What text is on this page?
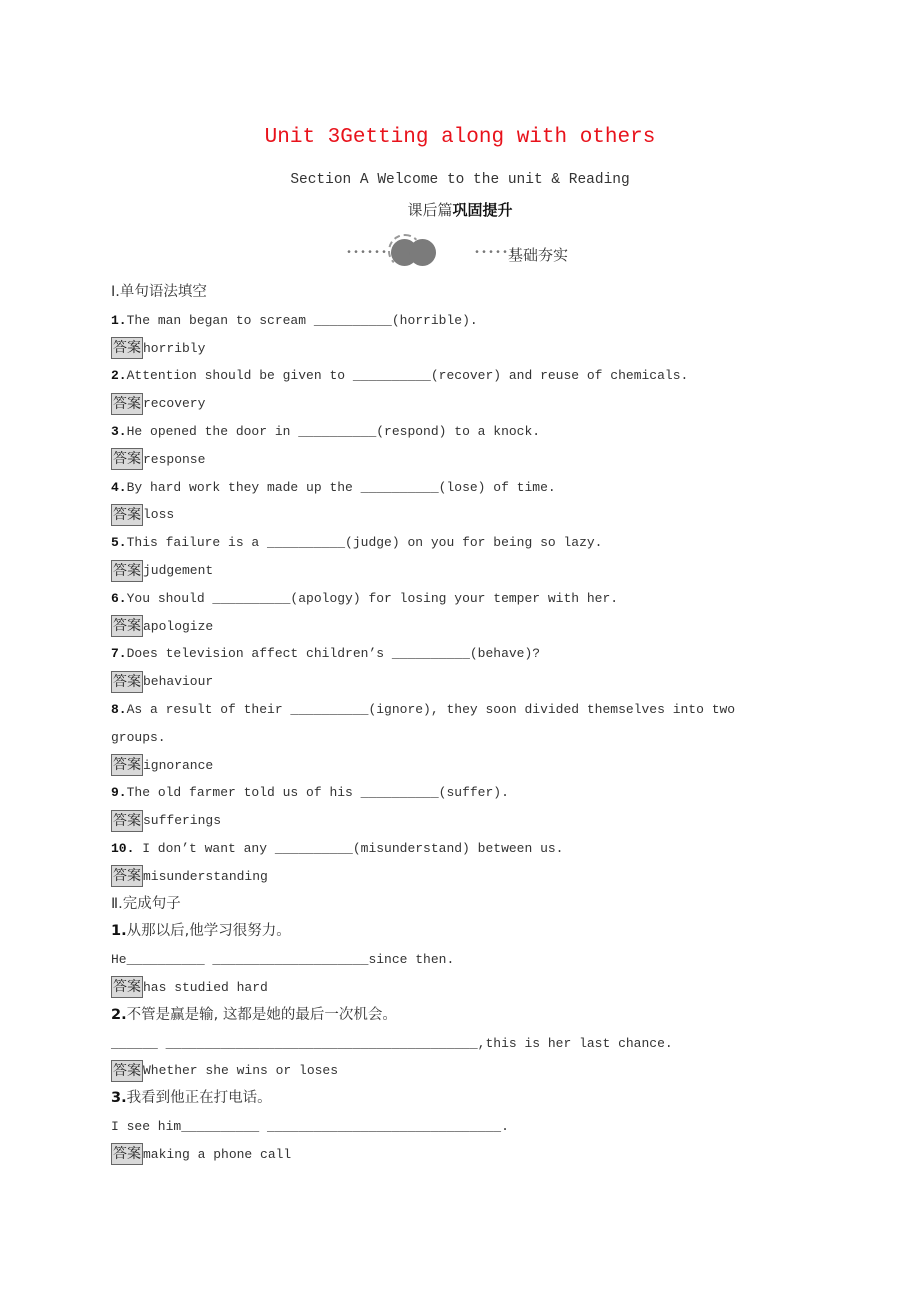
Unit 3Getting along with others
Section A Welcome to the unit & Reading
课后篇巩固提升
••••••	••••••
基础夯实
Ⅰ.单句语法填空
1.The man began to scream __________(horrible).
答案 horribly
2.Attention should be given to __________(recover) and reuse of chemicals.
答案 recovery
3.He opened the door in __________(respond) to a knock.
答案 response
4.By hard work they made up the __________(lose) of time.
答案 loss
5.This failure is a __________(judge) on you for being so lazy.
答案 judgement
6.You should __________(apology) for losing your temper with her.
答案 apologize
7.Does television affect children’s __________(behave)?
答案 behaviour
8.As a result of their __________(ignore), they soon divided themselves into two groups.
答案 ignorance
9.The old farmer told us of his __________(suffer).
答案 sufferings
10. I don’t want any __________(misunderstand) between us.
答案 misunderstanding
Ⅱ.完成句子
1.从那以后,他学习很努力。
He__________ ____________________since then.
答案 has studied hard
2.不管是赢是输, 这都是她的最后一次机会。
______ ________________________________________,this is her last chance.
答案 Whether she wins or loses
3.我看到他正在打电话。
I see him__________ ______________________________.
答案 making a phone call
